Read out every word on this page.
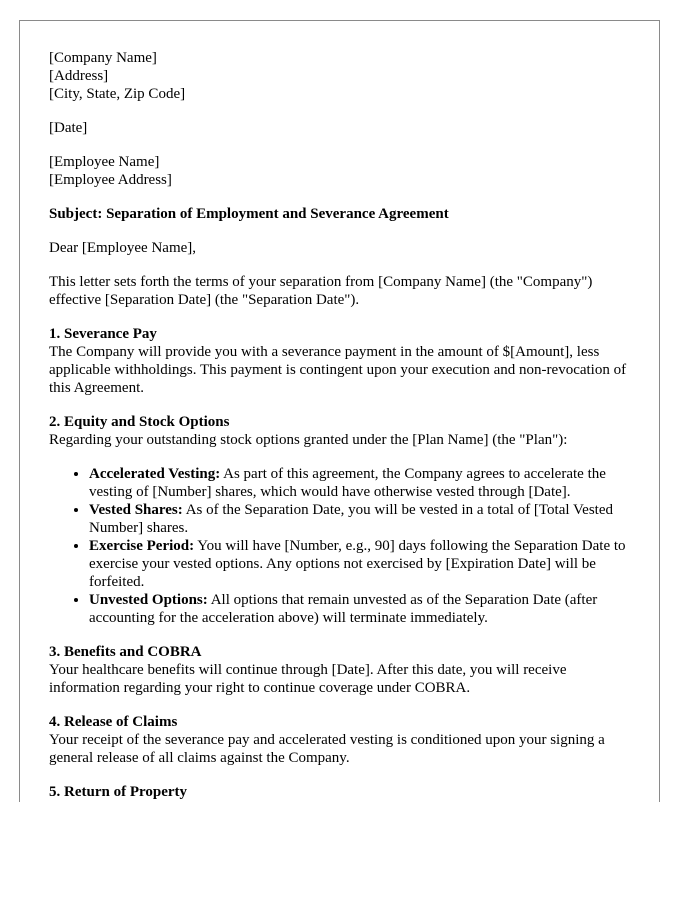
[Company Name]
[Address]
[City, State, Zip Code]
[Date]
[Employee Name]
[Employee Address]
Subject: Separation of Employment and Severance Agreement
Dear [Employee Name],

This letter sets forth the terms of your separation from [Company Name] (the "Company") effective [Separation Date] (the "Separation Date").

1. Severance Pay

The Company will provide you with a severance payment in the amount of $[Amount], less applicable withholdings. This payment is contingent upon your execution and non-revocation of this Agreement.

2. Equity and Stock Options

Regarding your outstanding stock options granted under the [Plan Name] (the "Plan"):

• Accelerated Vesting: As part of this agreement, the Company agrees to accelerate the vesting of [Number] shares, which would have otherwise vested through [Date].
• Vested Shares: As of the Separation Date, you will be vested in a total of [Total Vested Number] shares.
• Exercise Period: You will have [Number, e.g., 90] days following the Separation Date to exercise your vested options. Any options not exercised by [Expiration Date] will be forfeited.
• Unvested Options: All options that remain unvested as of the Separation Date (after accounting for the acceleration above) will terminate immediately.
3. Benefits and COBRA

Your healthcare benefits will continue through [Date]. After this date, you will receive information regarding your right to continue coverage under COBRA.

4. Release of Claims

Your receipt of the severance pay and accelerated vesting is conditioned upon your signing a general release of all claims against the Company.

5. Return of Property
